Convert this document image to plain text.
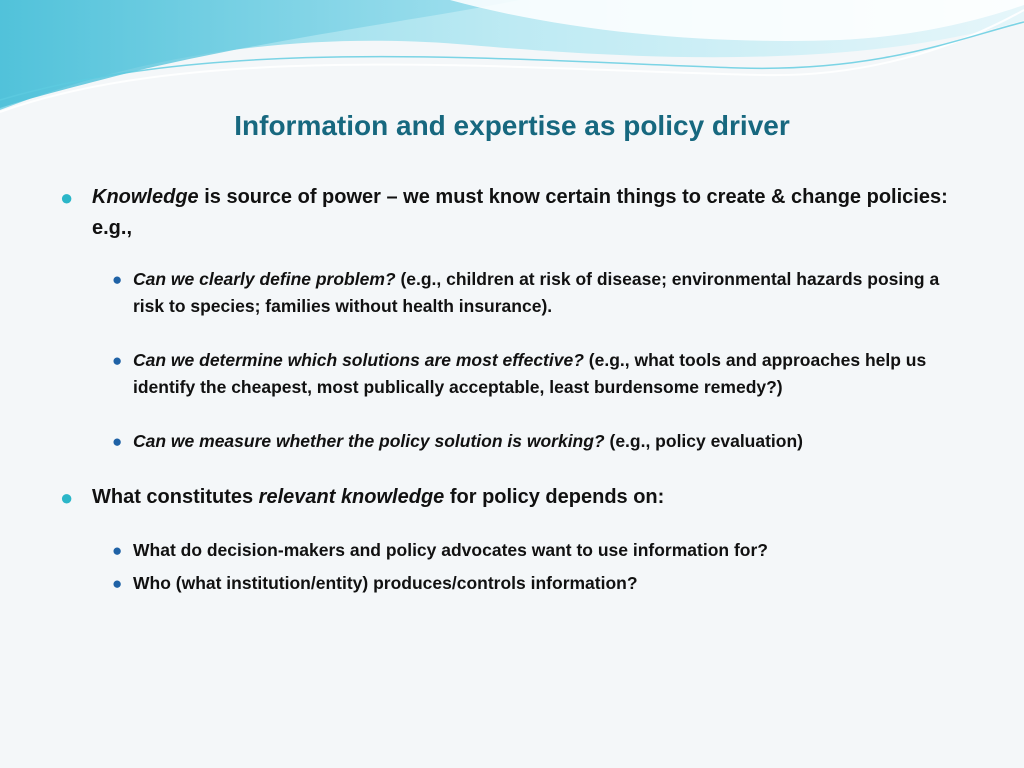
Information and expertise as policy driver
● Knowledge is source of power – we must know certain things to create & change policies: e.g.,
● Can we clearly define problem? (e.g., children at risk of disease; environmental hazards posing a risk to species; families without health insurance).
● Can we determine which solutions are most effective? (e.g., what tools and approaches help us identify the cheapest, most publically acceptable, least burdensome remedy?)
● Can we measure whether the policy solution is working? (e.g., policy evaluation)
● What constitutes relevant knowledge for policy depends on:
● What do decision-makers and policy advocates want to use information for?
● Who (what institution/entity) produces/controls information?
